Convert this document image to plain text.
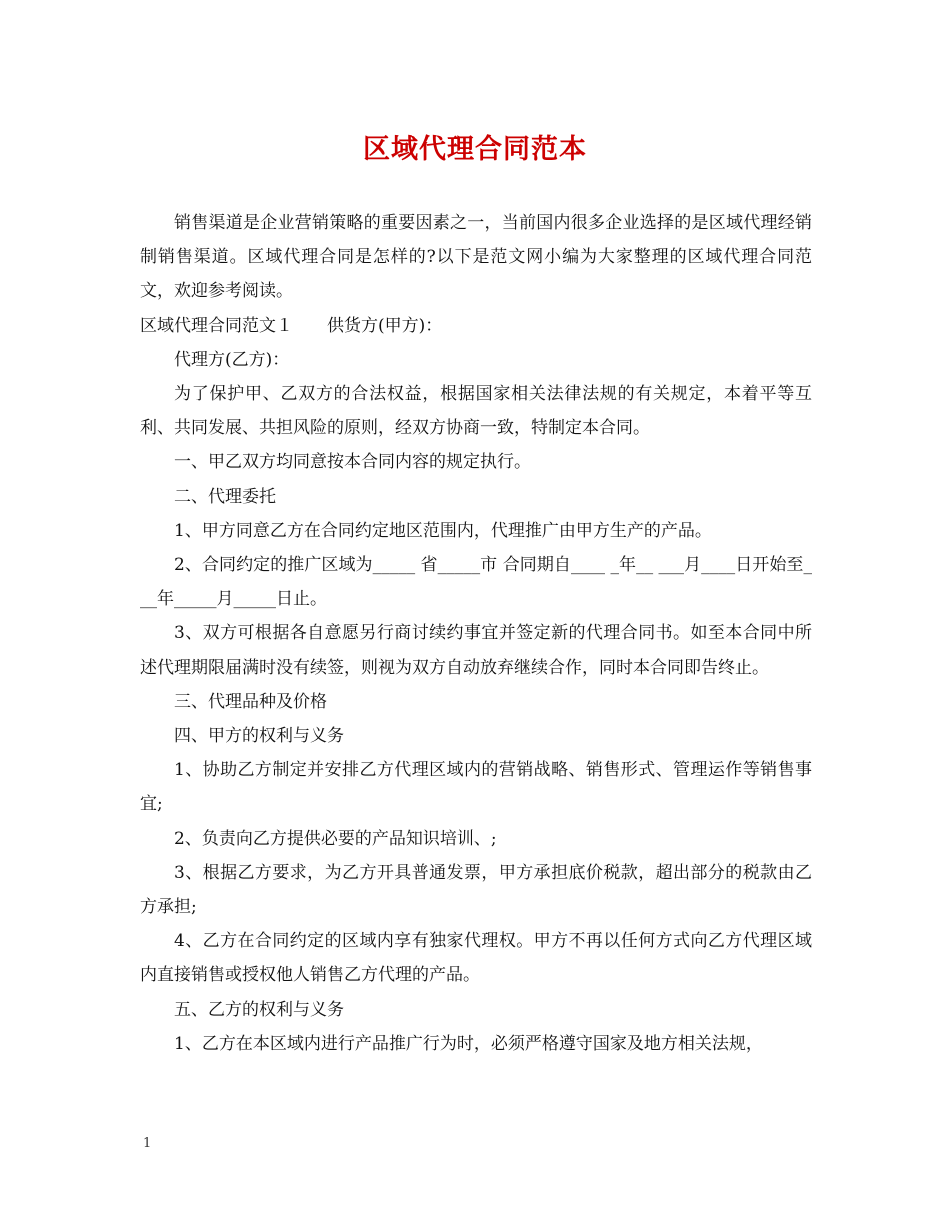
区域代理合同范本

销售渠道是企业营销策略的重要因素之一，当前国内很多企业选择的是区域代理经销制销售渠道。区域代理合同是怎样的?以下是范文网小编为大家整理的区域代理合同范文，欢迎参考阅读。

区域代理合同范文１ 供货方(甲方)：

代理方(乙方)：

为了保护甲、乙双方的合法权益，根据国家相关法律法规的有关规定，本着平等互利、共同发展、共担风险的原则，经双方协商一致，特制定本合同。

一、甲乙双方均同意按本合同内容的规定执行。

二、代理委托

1、甲方同意乙方在合同约定地区范围内，代理推广由甲方生产的产品。

2、合同约定的推广区域为_____ 省_____市 合同期自____ _年__ ___月____日开始至_ __年_____月_____日止。

3、双方可根据各自意愿另行商讨续约事宜并签定新的代理合同书。如至本合同中所述代理期限届满时没有续签，则视为双方自动放弃继续合作，同时本合同即告终止。

三、代理品种及价格

四、甲方的权利与义务

1、协助乙方制定并安排乙方代理区域内的营销战略、销售形式、管理运作等销售事宜;

2、负责向乙方提供必要的产品知识培训、;

3、根据乙方要求，为乙方开具普通发票，甲方承担底价税款，超出部分的税款由乙方承担;

4、乙方在合同约定的区域内享有独家代理权。甲方不再以任何方式向乙方代理区域内直接销售或授权他人销售乙方代理的产品。

五、乙方的权利与义务

1、乙方在本区域内进行产品推广行为时，必须严格遵守国家及地方相关法规，

1
